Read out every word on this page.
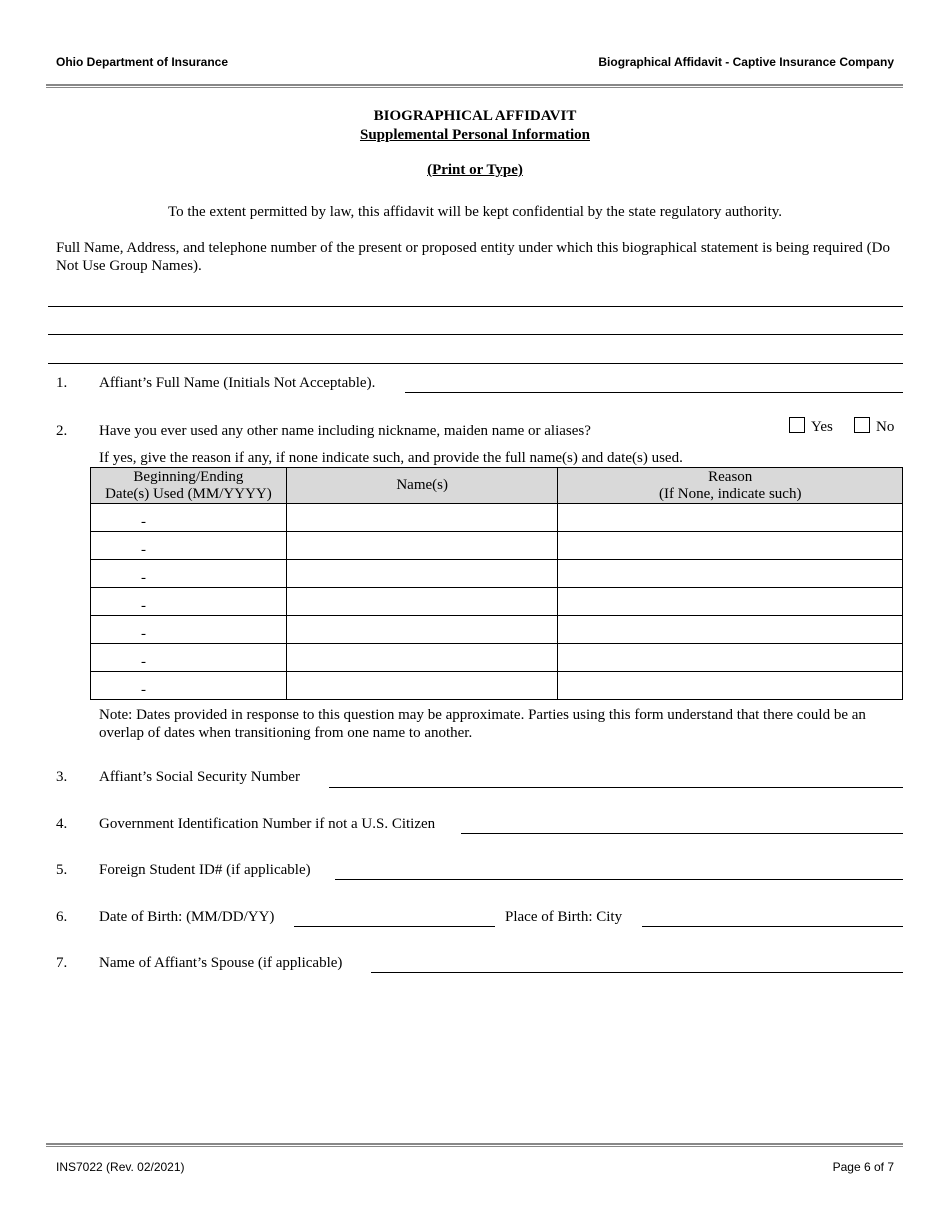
Ohio Department of Insurance	Biographical Affidavit - Captive Insurance Company
BIOGRAPHICAL AFFIDAVIT
Supplemental Personal Information
(Print or Type)
To the extent permitted by law, this affidavit will be kept confidential by the state regulatory authority.
Full Name, Address, and telephone number of the present or proposed entity under which this biographical statement is being required (Do Not Use Group Names).
1. Affiant’s Full Name (Initials Not Acceptable).
2. Have you ever used any other name including nickname, maiden name or aliases?	Yes	No
If yes, give the reason if any, if none indicate such, and provide the full name(s) and date(s) used.
Beginning/Ending
Date(s) Used (MM/YYYY)	Name(s)	Reason
(If None, indicate such)
-		
-		
-		
-		
-		
-		
-		
Note: Dates provided in response to this question may be approximate. Parties using this form understand that there could be an overlap of dates when transitioning from one name to another.
3. Affiant’s Social Security Number
4. Government Identification Number if not a U.S. Citizen
5. Foreign Student ID# (if applicable)
6. Date of Birth: (MM/DD/YY)	Place of Birth: City
7. Name of Affiant’s Spouse (if applicable)
INS7022 (Rev. 02/2021)	Page 6 of 7
